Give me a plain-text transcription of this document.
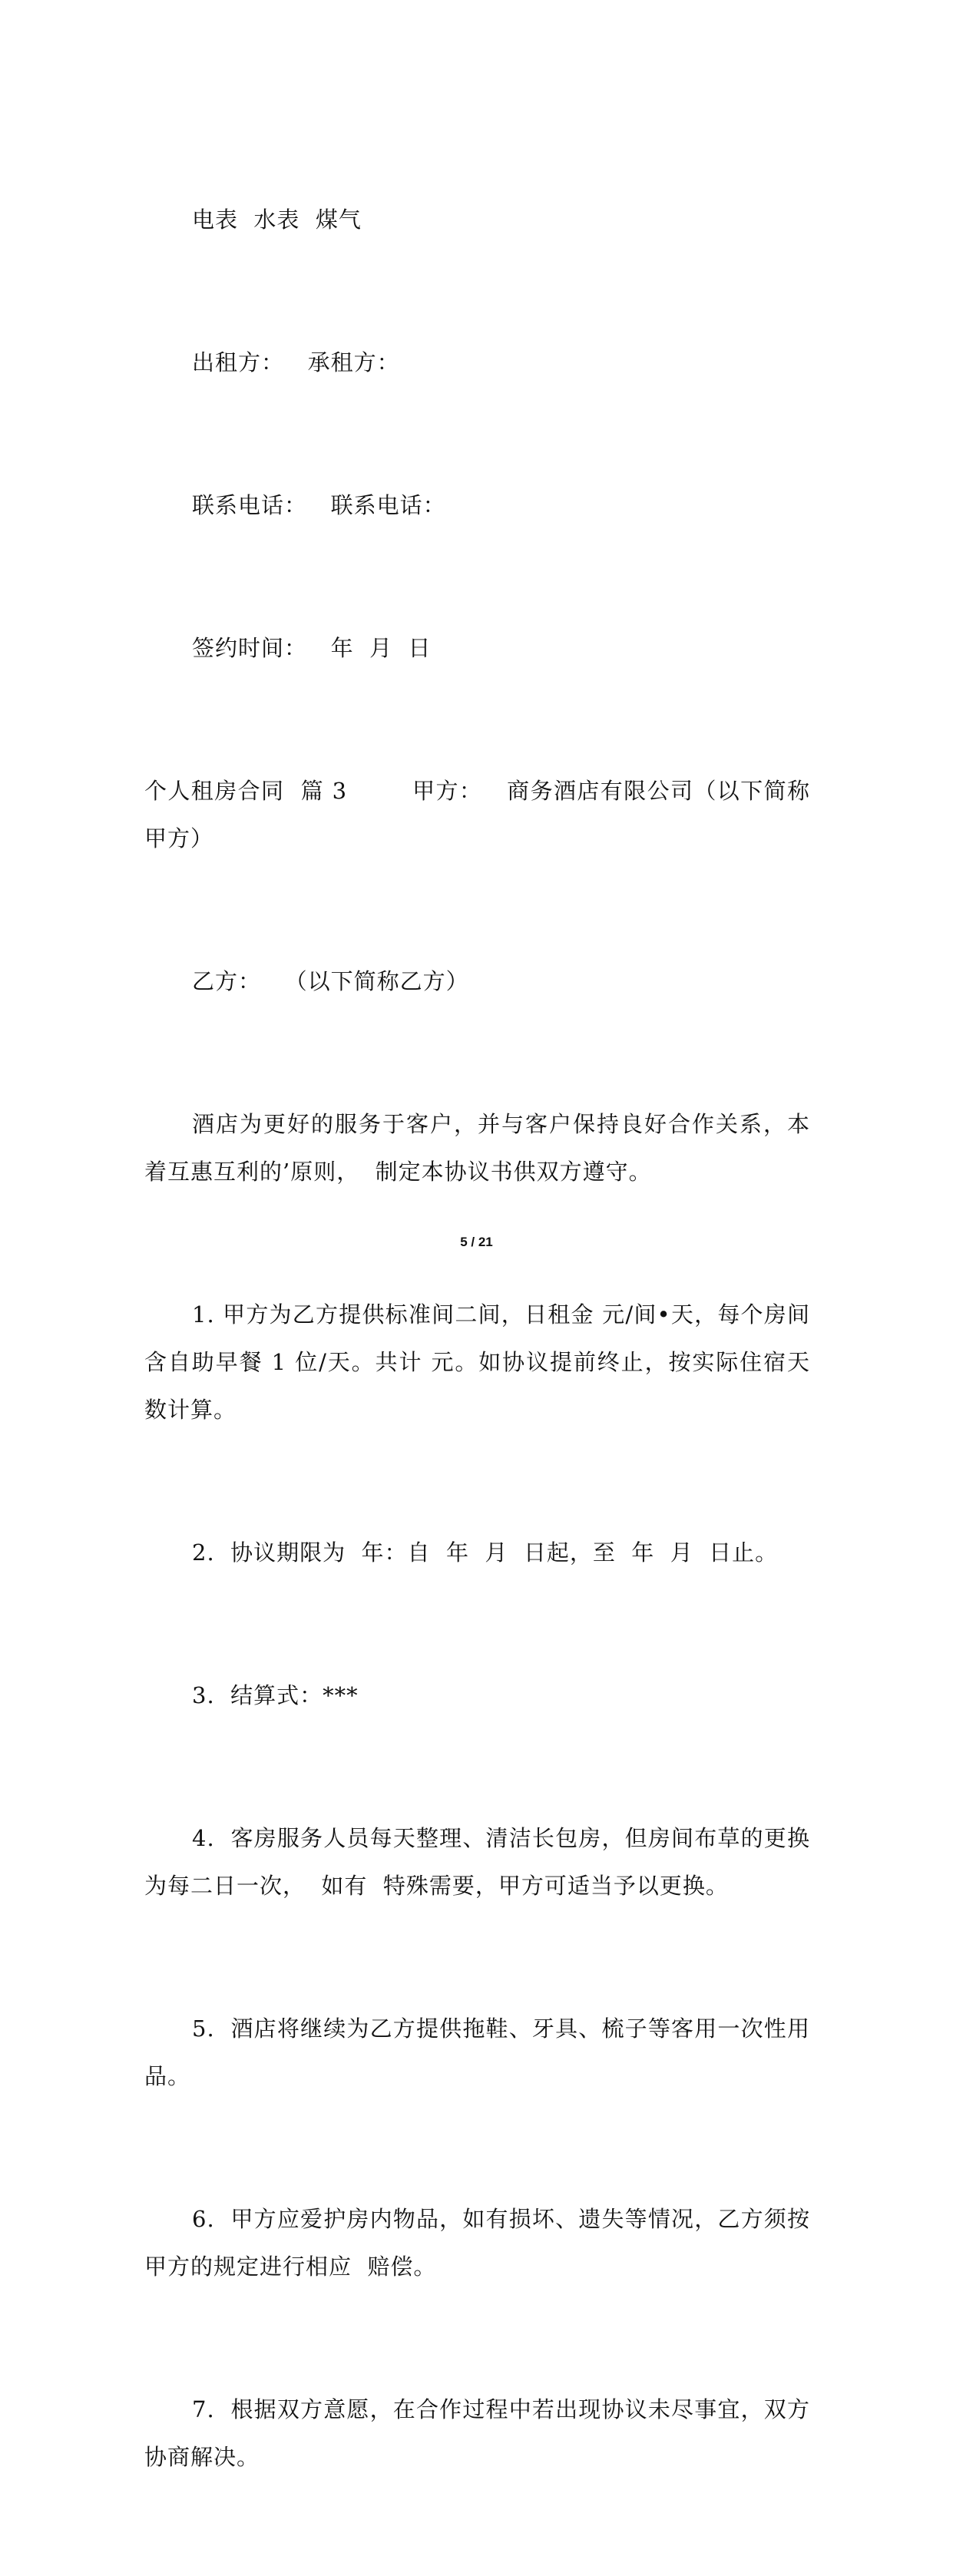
电表  水表  煤气

出租方：   承租方：

联系电话：   联系电话：

签约时间：   年  月  日

个人租房合同  篇 3        甲方：   商务酒店有限公司（以下简称甲方）

乙方：   （以下简称乙方）

酒店为更好的服务于客户，并与客户保持良好合作关系，本着互惠互利的’原则，  制定本协议书供双方遵守。

1. 甲方为乙方提供标准间二间，日租金 元/间•天，每个房间含自助早餐 1 位/天。共计 元。如协议提前终止，按实际住宿天数计算。

2.  协议期限为  年：自  年  月  日起，至  年  月  日止。

3.  结算式：***

4.  客房服务人员每天整理、清洁长包房，但房间布草的更换为每二日一次，  如有  特殊需要，甲方可适当予以更换。

5.  酒店将继续为乙方提供拖鞋、牙具、梳子等客用一次性用品。

6.  甲方应爱护房内物品，如有损坏、遗失等情况，乙方须按甲方的规定进行相应  赔偿。

7.  根据双方意愿，在合作过程中若出现协议未尽事宜，双方协商解决。

5 / 21
